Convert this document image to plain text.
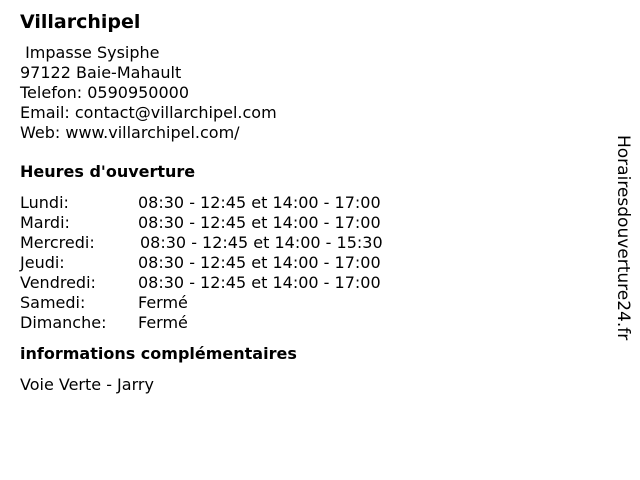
Villarchipel
Impasse Sysiphe
97122 Baie-Mahault
Telefon: 0590950000
Email: contact@villarchipel.com
Web: www.villarchipel.com/
Heures d'ouverture
Lundi:	08:30 - 12:45 et 14:00 - 17:00
Mardi:	08:30 - 12:45 et 14:00 - 17:00
Mercredi:	08:30 - 12:45 et 14:00 - 15:30
Jeudi:	08:30 - 12:45 et 14:00 - 17:00
Vendredi:	08:30 - 12:45 et 14:00 - 17:00
Samedi:	Fermé
Dimanche:	Fermé
informations complémentaires
Voie Verte - Jarry
Horairesdouverture24.fr
